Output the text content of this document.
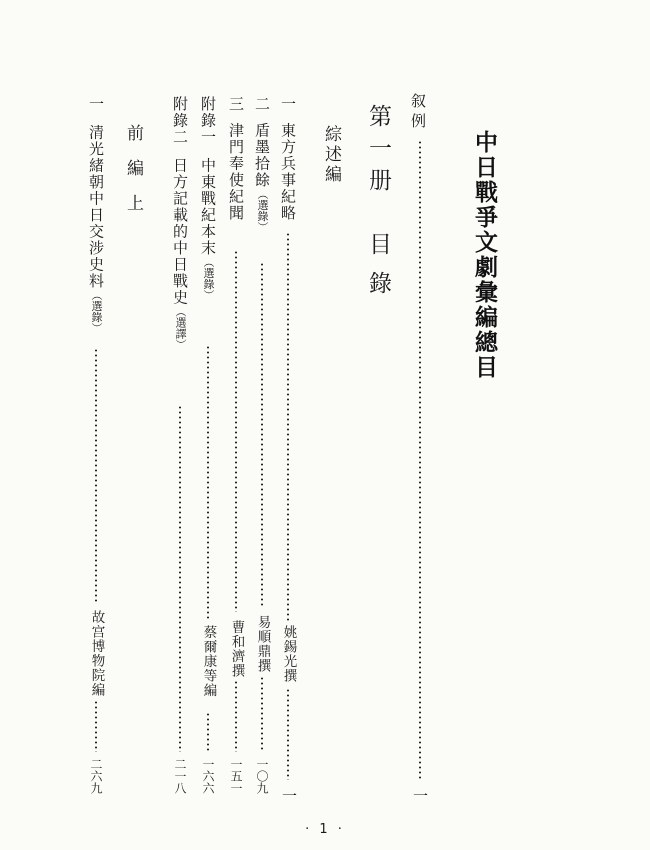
中日戰爭文劇彙編總目
叙例
一
第一册
目錄
綜述編
一東方兵事紀略
姚錫光撰
一
二盾墨拾餘（選錄）
易順鼎撰
一〇九
三津門奉使紀聞
曹和濟撰
一五一
附錄一中東戰紀本末（選錄）
蔡爾康等編
一六六
附錄二日方記載的中日戰史（選譯）
二一八
前編上
一清光緒朝中日交涉史料（選錄）
故宫博物院編
二六九
· 1 ·
